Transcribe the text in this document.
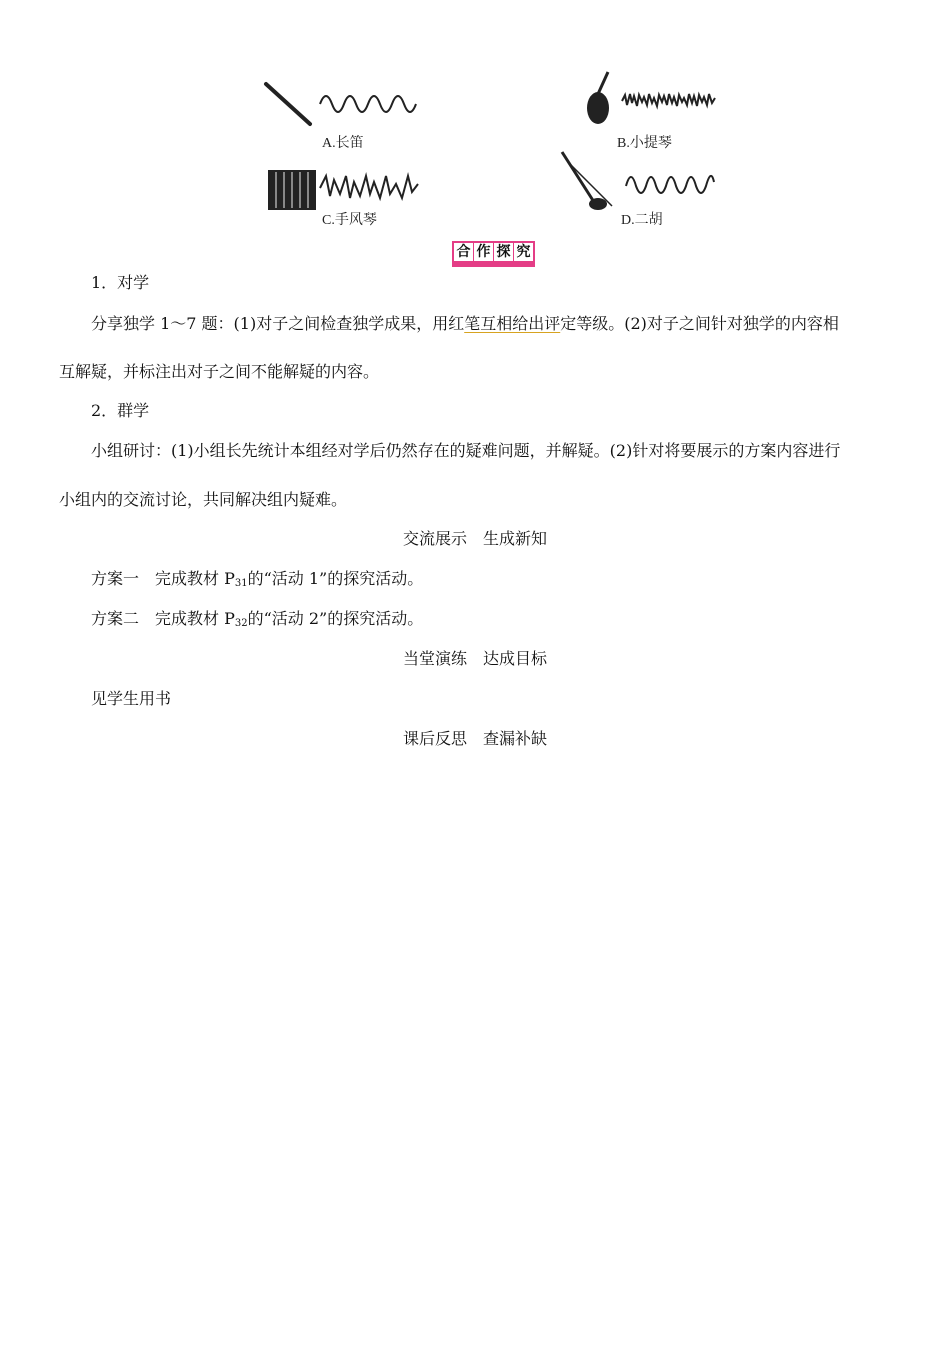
A.长笛	B.小提琴
C.手风琴	D.二胡
合 作 探 究
1．对学
分享独学 1～7 题：(1)对子之间检查独学成果，用红笔互相给出评定等级。(2)对子之间针对独学的内容相
互解疑，并标注出对子之间不能解疑的内容。
2．群学
小组研讨：(1)小组长先统计本组经对学后仍然存在的疑难问题，并解疑。(2)针对将要展示的方案内容进行
小组内的交流讨论，共同解决组内疑难。
交流展示　生成新知
方案一　完成教材 $P_{31}$的“活动 1”的探究活动。
方案二　完成教材 $P_{32}$的“活动 2”的探究活动。
当堂演练　达成目标
见学生用书
课后反思　查漏补缺
